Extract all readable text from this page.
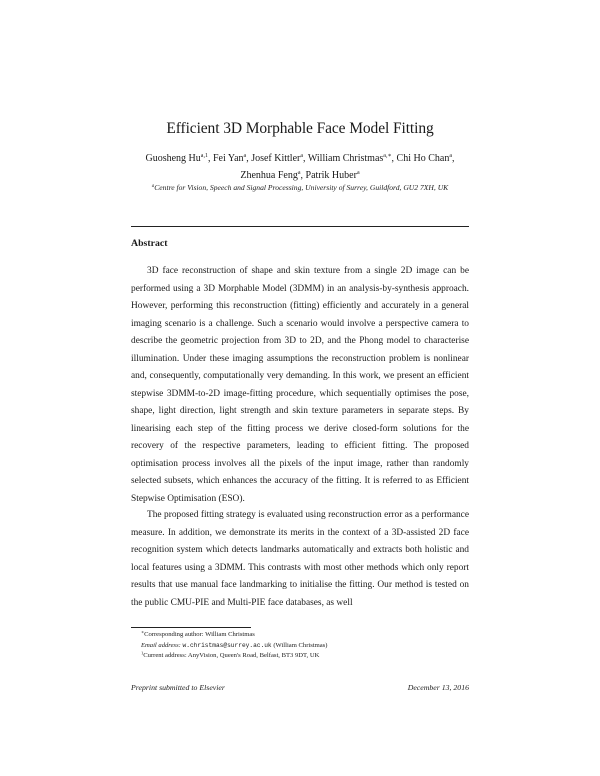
Efficient 3D Morphable Face Model Fitting
Guosheng Hu$^{a,1}$, Fei Yan$^a$, Josef Kittler$^a$, William Christmas$^{a,∗}$, Chi Ho Chan$^a$,
Zhenhua Feng$^a$, Patrik Huber$^a$
$^a$Centre for Vision, Speech and Signal Processing, University of Surrey, Guildford, GU2 7XH, UK
Abstract

3D face reconstruction of shape and skin texture from a single 2D image can be performed using a 3D Morphable Model (3DMM) in an analysis-by-synthesis approach. However, performing this reconstruction (fitting) efficiently and accurately in a general imaging scenario is a challenge. Such a scenario would involve a perspective camera to describe the geometric projection from 3D to 2D, and the Phong model to characterise illumination. Under these imaging assumptions the reconstruction problem is nonlinear and, consequently, computationally very demanding. In this work, we present an efficient stepwise 3DMM-to-2D image-fitting procedure, which sequentially optimises the pose, shape, light direction, light strength and skin texture parameters in separate steps. By linearising each step of the fitting process we derive closed-form solutions for the recovery of the respective parameters, leading to efficient fitting. The proposed optimisation process involves all the pixels of the input image, rather than randomly selected subsets, which enhances the accuracy of the fitting. It is referred to as Efficient Stepwise Optimisation (ESO).

The proposed fitting strategy is evaluated using reconstruction error as a performance measure. In addition, we demonstrate its merits in the context of a 3D-assisted 2D face recognition system which detects landmarks automatically and extracts both holistic and local features using a 3DMM. This contrasts with most other methods which only report results that use manual face landmarking to initialise the fitting. Our method is tested on the public CMU-PIE and Multi-PIE face databases, as well

∗Corresponding author: William Christmas
Email address: w.christmas@surrey.ac.uk (William Christmas)
$^1$Current address: AnyVision, Queen's Road, Belfast, BT3 9DT, UK
Preprint submitted to Elsevier	December 13, 2016
